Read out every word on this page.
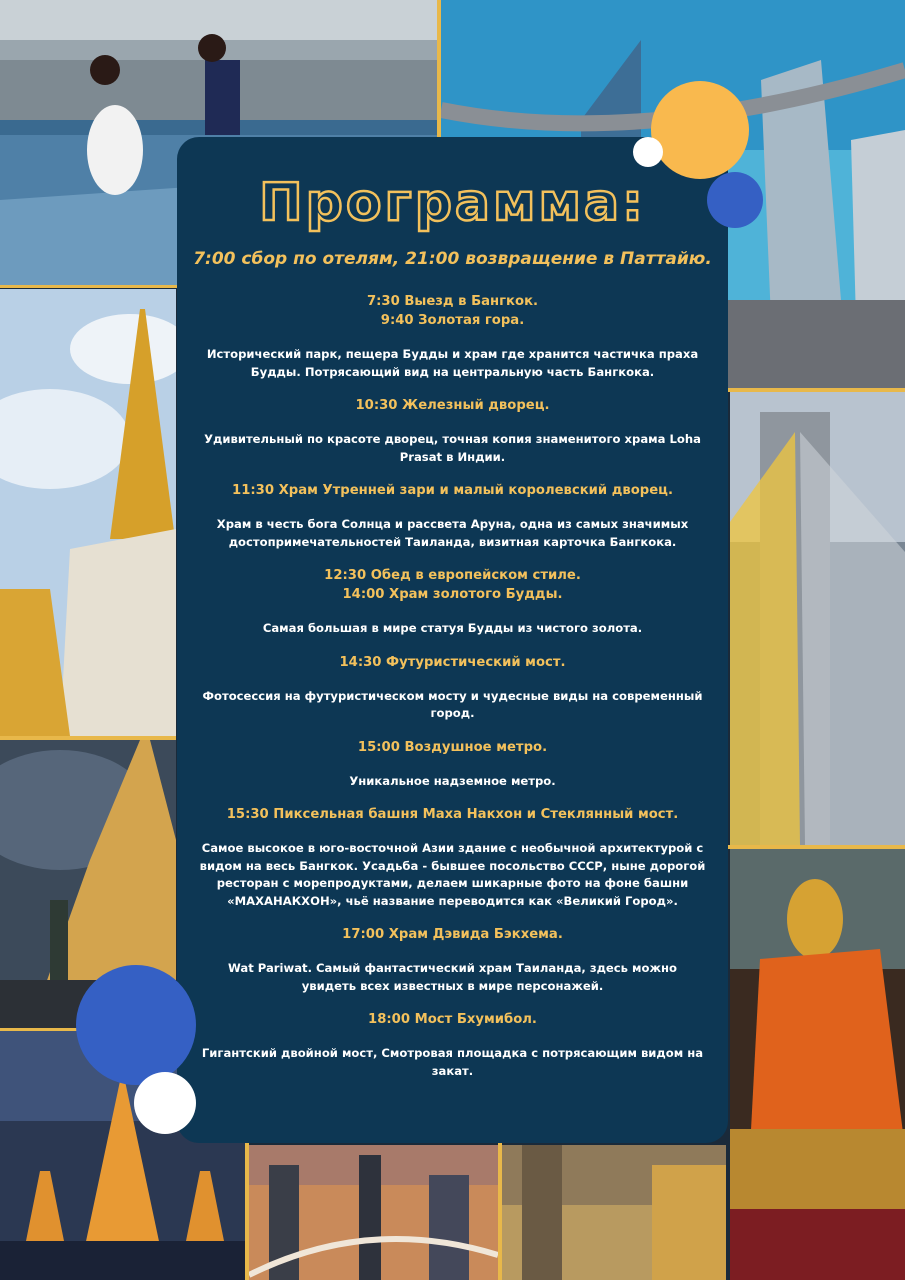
Программа:
7:00 сбор по отелям, 21:00 возвращение в Паттайю.
7:30 Выезд в Бангкок.
9:40 Золотая гора.
Исторический парк, пещера Будды и храм где хранится частичка праха Будды. Потрясающий вид на центральную часть Бангкока.
10:30 Железный дворец.
Удивительный по красоте дворец, точная копия знаменитого храма Loha Prasat в Индии.
11:30 Храм Утренней зари и малый королевский дворец.
Храм в честь бога Солнца и рассвета Аруна, одна из самых значимых достопримечательностей Таиланда, визитная карточка Бангкока.
12:30 Обед в европейском стиле.
14:00 Храм золотого Будды.
Самая большая в мире статуя Будды из чистого золота.
14:30 Футуристический мост.
Фотосессия на футуристическом мосту и чудесные виды на современный город.
15:00 Воздушное метро.
Уникальное надземное метро.
15:30 Пиксельная башня Маха Накхон и Стеклянный мост.
Самое высокое в юго-восточной Азии здание с необычной архитектурой с видом на весь Бангкок. Усадьба - бывшее посольство СССР, ныне дорогой ресторан с морепродуктами, делаем шикарные фото на фоне башни «МАХАНАКХОН», чьё название переводится как «Великий Город».
17:00 Храм Дэвида Бэкхема.
Wat Pariwat. Самый фантастический храм Таиланда, здесь можно увидеть всех известных в мире персонажей.
18:00 Мост Бхумибол.
Гигантский двойной мост, Смотровая площадка с потрясающим видом на закат.
